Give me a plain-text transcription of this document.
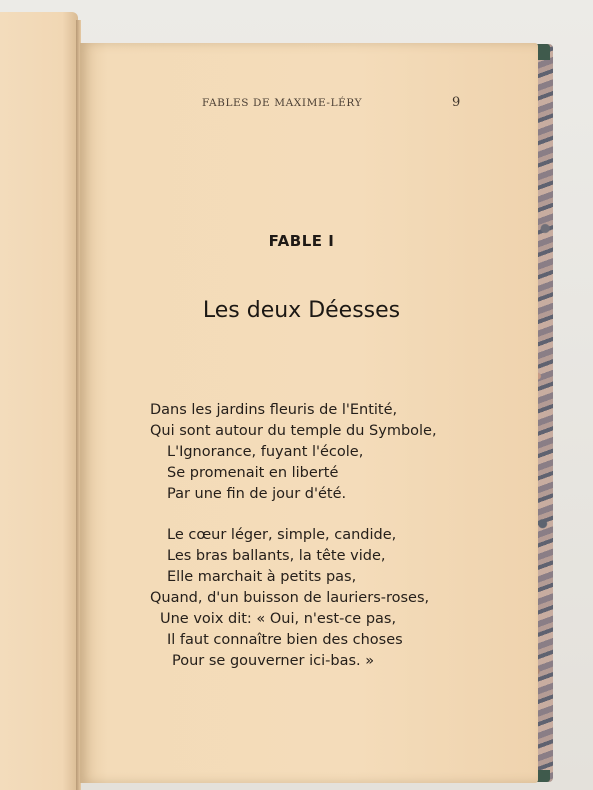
FABLES DE MAXIME-LÉRY	9
FABLE I
Les deux Déesses
Dans les jardins fleuris de l'Entité,
Qui sont autour du temple du Symbole,
L'Ignorance, fuyant l'école,
Se promenait en liberté
Par une fin de jour d'été.
Le cœur léger, simple, candide,
Les bras ballants, la tête vide,
Elle marchait à petits pas,
Quand, d'un buisson de lauriers-roses,
Une voix dit: « Oui, n'est-ce pas,
Il faut connaître bien des choses
Pour se gouverner ici-bas. »
